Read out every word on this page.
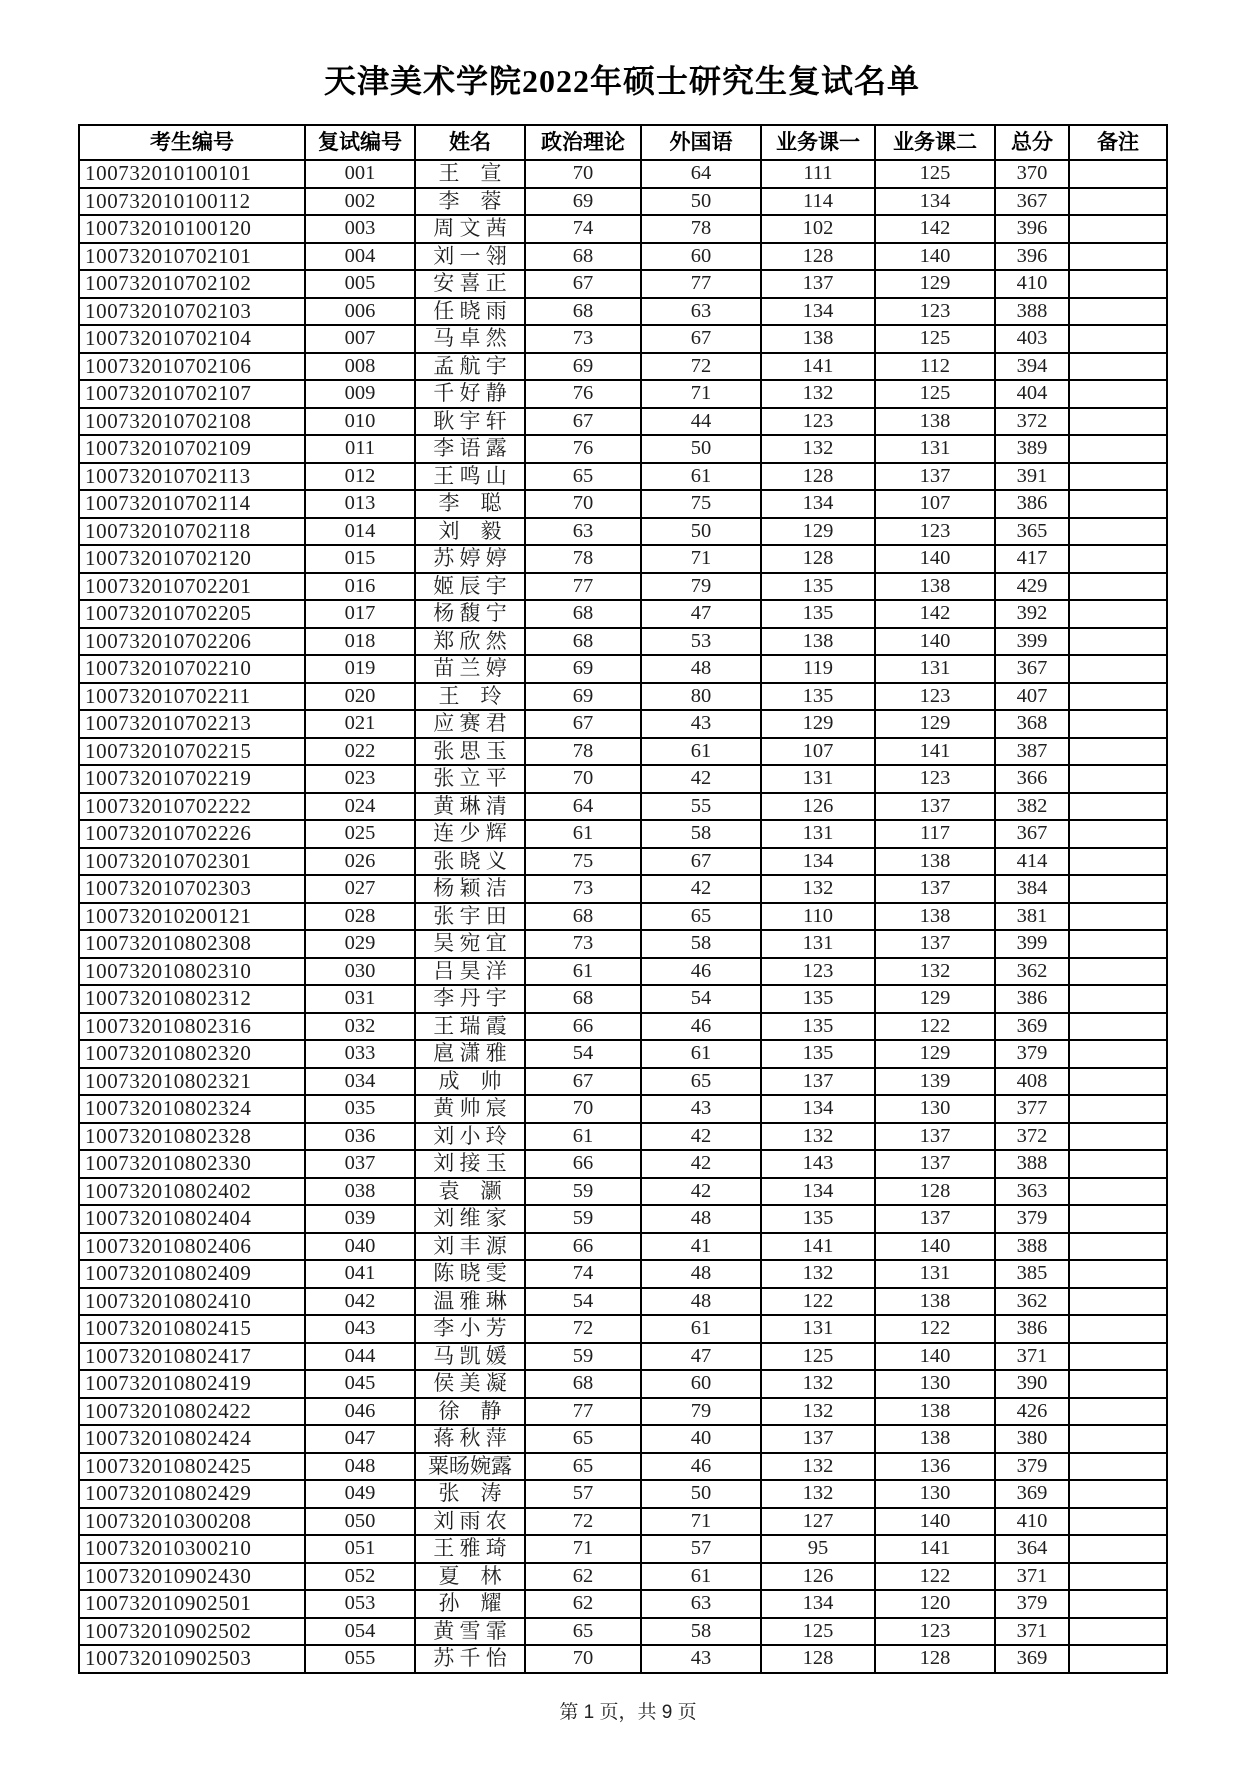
天津美术学院2022年硕士研究生复试名单
考生编号	复试编号	姓名	政治理论	外国语	业务课一	业务课二	总分	备注
100732010100101	001	王　宣	70	64	111	125	370	
100732010100112	002	李　蓉	69	50	114	134	367	
100732010100120	003	周 文 茜	74	78	102	142	396	
100732010702101	004	刘 一 翎	68	60	128	140	396	
100732010702102	005	安 喜 正	67	77	137	129	410	
100732010702103	006	任 晓 雨	68	63	134	123	388	
100732010702104	007	马 卓 然	73	67	138	125	403	
100732010702106	008	孟 航 宇	69	72	141	112	394	
100732010702107	009	千 好 静	76	71	132	125	404	
100732010702108	010	耿 宇 轩	67	44	123	138	372	
100732010702109	011	李 语 露	76	50	132	131	389	
100732010702113	012	王 鸣 山	65	61	128	137	391	
100732010702114	013	李　聪	70	75	134	107	386	
100732010702118	014	刘　毅	63	50	129	123	365	
100732010702120	015	苏 婷 婷	78	71	128	140	417	
100732010702201	016	姬 辰 宇	77	79	135	138	429	
100732010702205	017	杨 馥 宁	68	47	135	142	392	
100732010702206	018	郑 欣 然	68	53	138	140	399	
100732010702210	019	苗 兰 婷	69	48	119	131	367	
100732010702211	020	王　玲	69	80	135	123	407	
100732010702213	021	应 赛 君	67	43	129	129	368	
100732010702215	022	张 思 玉	78	61	107	141	387	
100732010702219	023	张 立 平	70	42	131	123	366	
100732010702222	024	黄 琳 清	64	55	126	137	382	
100732010702226	025	连 少 辉	61	58	131	117	367	
100732010702301	026	张 晓 义	75	67	134	138	414	
100732010702303	027	杨 颖 洁	73	42	132	137	384	
100732010200121	028	张 宇 田	68	65	110	138	381	
100732010802308	029	吴 宛 宜	73	58	131	137	399	
100732010802310	030	吕 昊 洋	61	46	123	132	362	
100732010802312	031	李 丹 宇	68	54	135	129	386	
100732010802316	032	王 瑞 霞	66	46	135	122	369	
100732010802320	033	扈 潇 雅	54	61	135	129	379	
100732010802321	034	成　帅	67	65	137	139	408	
100732010802324	035	黄 帅 宸	70	43	134	130	377	
100732010802328	036	刘 小 玲	61	42	132	137	372	
100732010802330	037	刘 接 玉	66	42	143	137	388	
100732010802402	038	袁　灏	59	42	134	128	363	
100732010802404	039	刘 维 家	59	48	135	137	379	
100732010802406	040	刘 丰 源	66	41	141	140	388	
100732010802409	041	陈 晓 雯	74	48	132	131	385	
100732010802410	042	温 雅 琳	54	48	122	138	362	
100732010802415	043	李 小 芳	72	61	131	122	386	
100732010802417	044	马 凯 媛	59	47	125	140	371	
100732010802419	045	侯 美 凝	68	60	132	130	390	
100732010802422	046	徐　静	77	79	132	138	426	
100732010802424	047	蒋 秋 萍	65	40	137	138	380	
100732010802425	048	粟旸婉露	65	46	132	136	379	
100732010802429	049	张　涛	57	50	132	130	369	
100732010300208	050	刘 雨 农	72	71	127	140	410	
100732010300210	051	王 雅 琦	71	57	95	141	364	
100732010902430	052	夏　林	62	61	126	122	371	
100732010902501	053	孙　耀	62	63	134	120	379	
100732010902502	054	黄 雪 霏	65	58	125	123	371	
100732010902503	055	苏 千 怡	70	43	128	128	369	
第 1 页，共 9 页
